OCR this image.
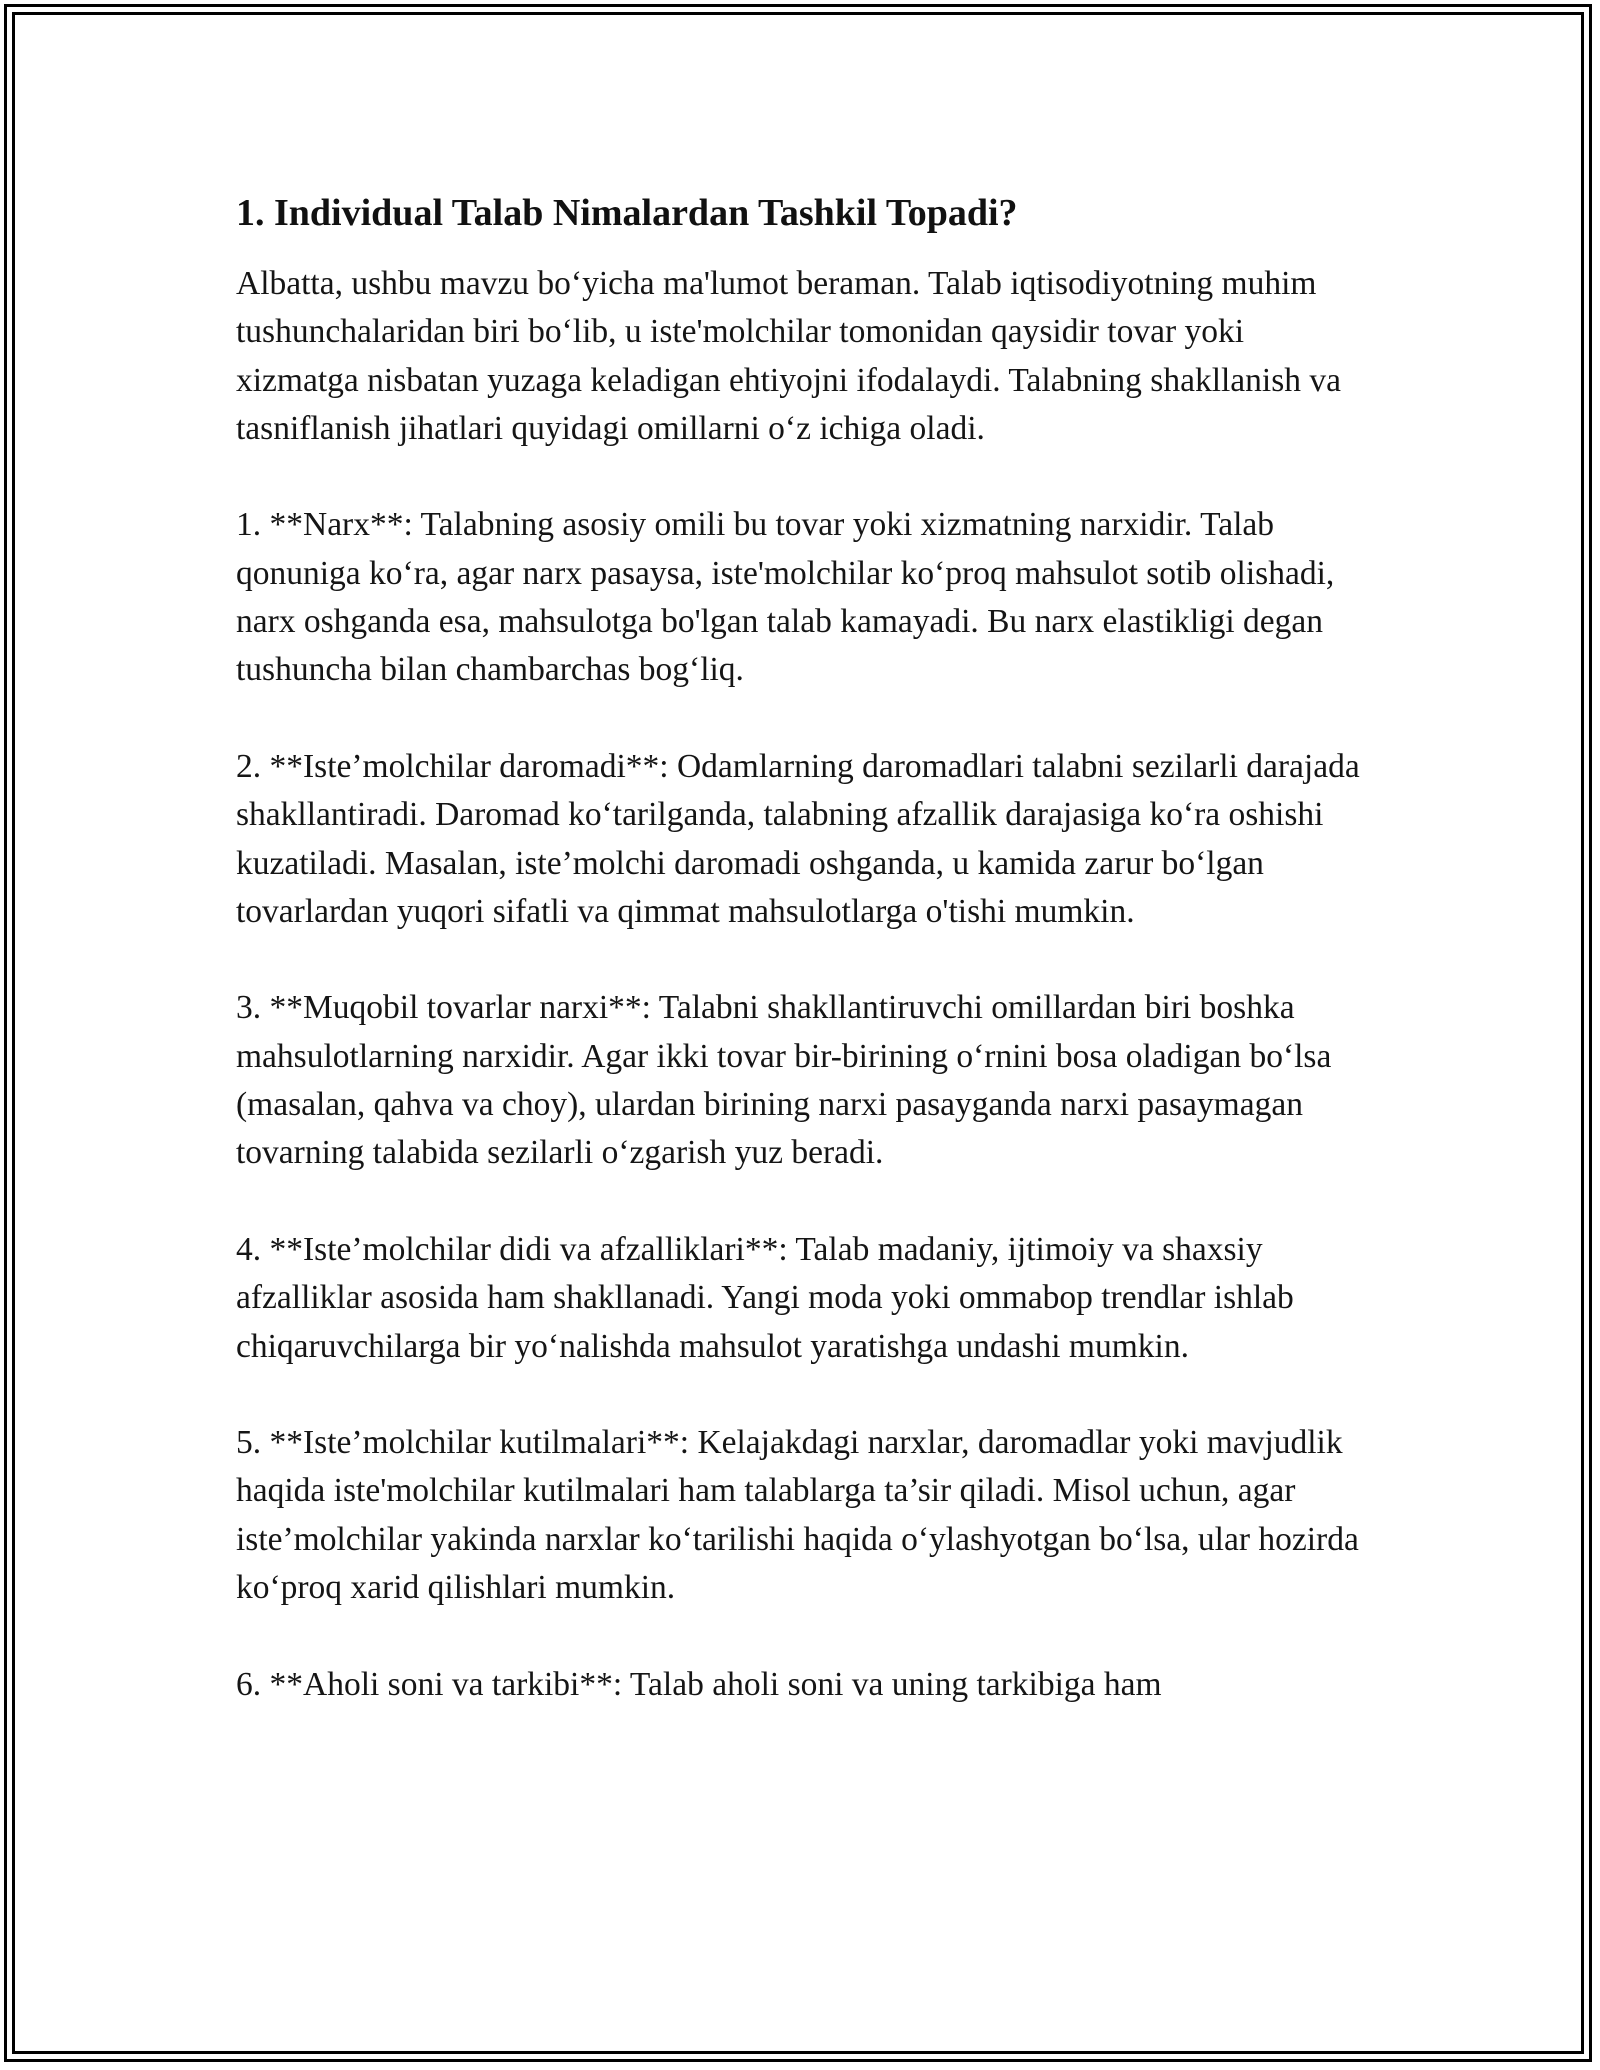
1. Individual Talab Nimalardan Tashkil Topadi?

Albatta, ushbu mavzu bo‘yicha ma'lumot beraman. Talab iqtisodiyotning muhim tushunchalaridan biri bo‘lib, u iste'molchilar tomonidan qaysidir tovar yoki xizmatga nisbatan yuzaga keladigan ehtiyojni ifodalaydi. Talabning shakllanish va tasniflanish jihatlari quyidagi omillarni o‘z ichiga oladi.

1. **Narx**: Talabning asosiy omili bu tovar yoki xizmatning narxidir. Talab qonuniga ko‘ra, agar narx pasaysa, iste'molchilar ko‘proq mahsulot sotib olishadi, narx oshganda esa, mahsulotga bo'lgan talab kamayadi. Bu narx elastikligi degan tushuncha bilan chambarchas bog‘liq.

2. **Iste’molchilar daromadi**: Odamlarning daromadlari talabni sezilarli darajada shakllantiradi. Daromad ko‘tarilganda, talabning afzallik darajasiga ko‘ra oshishi kuzatiladi. Masalan, iste’molchi daromadi oshganda, u kamida zarur bo‘lgan tovarlardan yuqori sifatli va qimmat mahsulotlarga o'tishi mumkin.

3. **Muqobil tovarlar narxi**: Talabni shakllantiruvchi omillardan biri boshka mahsulotlarning narxidir. Agar ikki tovar bir-birining o‘rnini bosa oladigan bo‘lsa (masalan, qahva va choy), ulardan birining narxi pasayganda narxi pasaymagan tovarning talabida sezilarli o‘zgarish yuz beradi.

4. **Iste’molchilar didi va afzalliklari**: Talab madaniy, ijtimoiy va shaxsiy afzalliklar asosida ham shakllanadi. Yangi moda yoki ommabop trendlar ishlab chiqaruvchilarga bir yo‘nalishda mahsulot yaratishga undashi mumkin.

5. **Iste’molchilar kutilmalari**: Kelajakdagi narxlar, daromadlar yoki mavjudlik haqida iste'molchilar kutilmalari ham talablarga ta’sir qiladi. Misol uchun, agar iste’molchilar yakinda narxlar ko‘tarilishi haqida o‘ylashyotgan bo‘lsa, ular hozirda ko‘proq xarid qilishlari mumkin.

6. **Aholi soni va tarkibi**: Talab aholi soni va uning tarkibiga ham
